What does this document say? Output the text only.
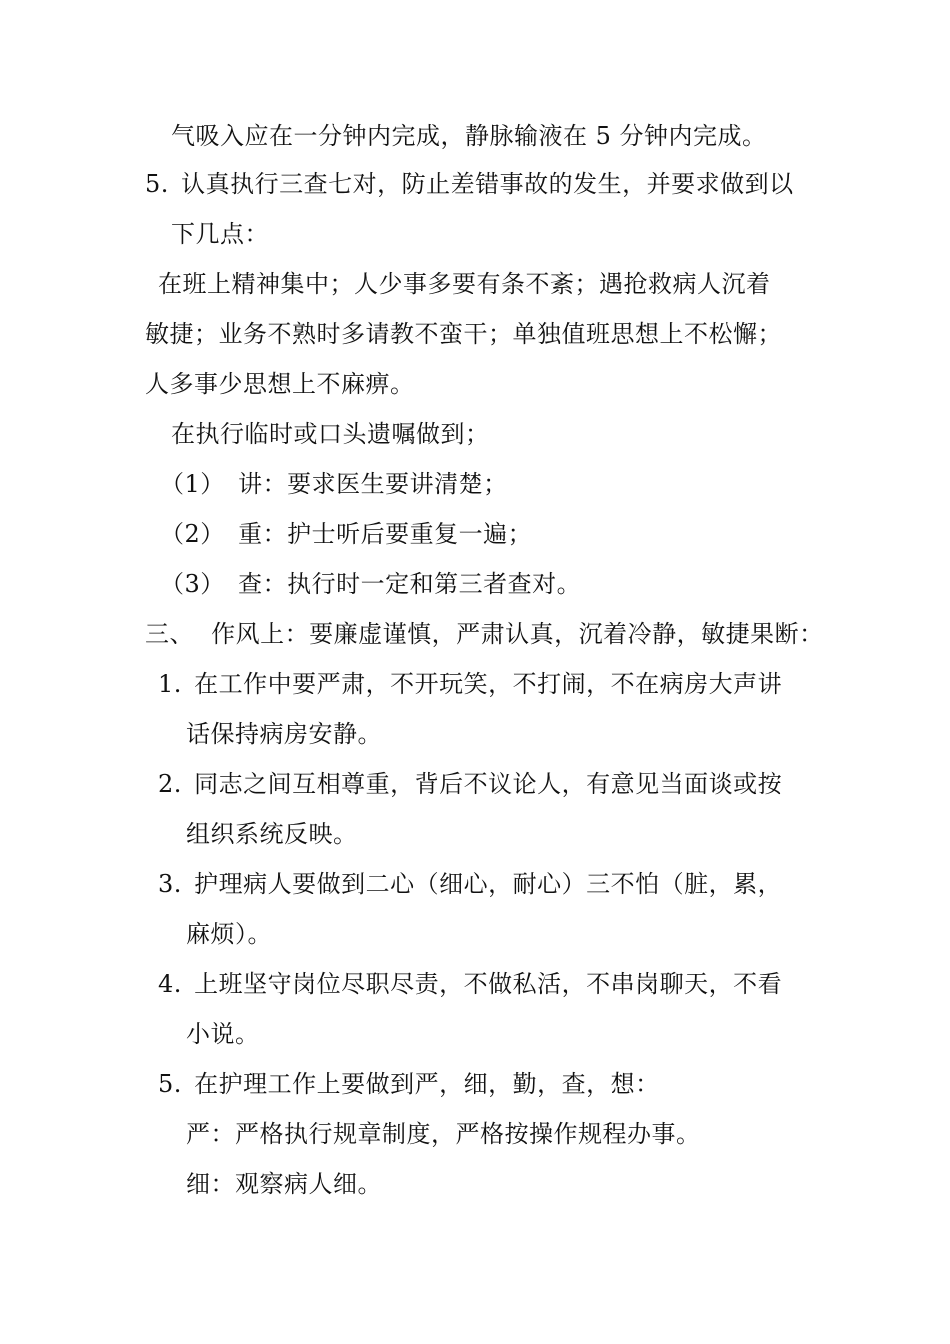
气吸入应在一分钟内完成，静脉输液在 5 分钟内完成。
5. 认真执行三查七对，防止差错事故的发生，并要求做到以
下几点：
在班上精神集中；人少事多要有条不紊；遇抢救病人沉着
敏捷；业务不熟时多请教不蛮干；单独值班思想上不松懈；
人多事少思想上不麻痹。
在执行临时或口头遗嘱做到；
（1） 讲：要求医生要讲清楚；
（2） 重：护士听后要重复一遍；
（3） 查：执行时一定和第三者查对。
三、 作风上：要廉虚谨慎，严肃认真，沉着冷静，敏捷果断：
1. 在工作中要严肃，不开玩笑，不打闹，不在病房大声讲
话保持病房安静。
2. 同志之间互相尊重，背后不议论人，有意见当面谈或按
组织系统反映。
3. 护理病人要做到二心（细心，耐心）三不怕（脏，累，
麻烦）。
4. 上班坚守岗位尽职尽责，不做私活，不串岗聊天，不看
小说。
5. 在护理工作上要做到严，细，勤，查，想：
严：严格执行规章制度，严格按操作规程办事。
细：观察病人细。
